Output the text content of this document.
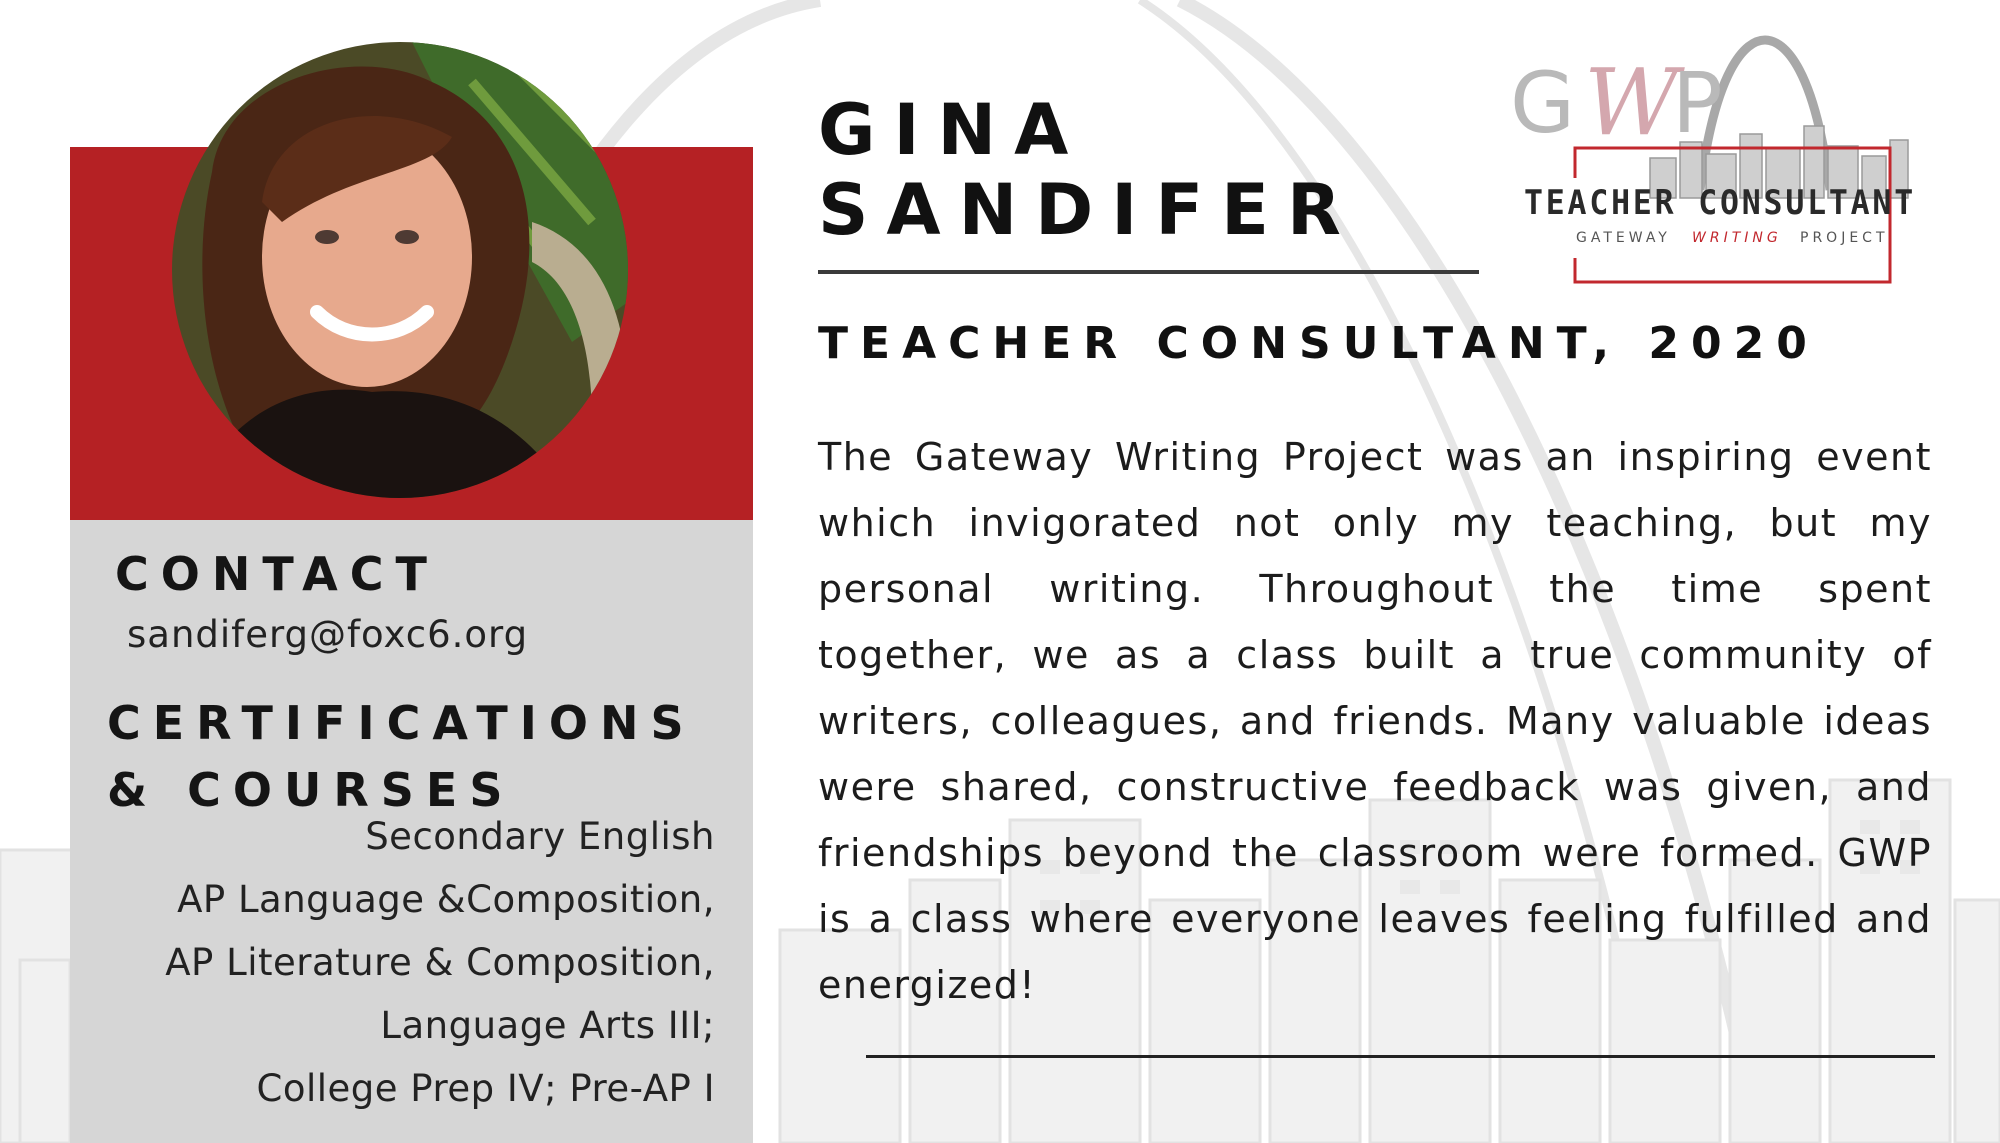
CONTACT
sandiferg@foxc6.org
CERTIFICATIONS
& COURSES
Secondary English
AP Language &Composition,
AP Literature & Composition,
Language Arts III;
College Prep IV; Pre-AP I
GINA
SANDIFER
TEACHER CONSULTANT, 2020
The Gateway Writing Project was an inspiring event which invigorated not only my teaching, but my personal writing. Throughout the time spent together, we as a class built a true community of writers, colleagues, and friends. Many valuable ideas were shared, constructive feedback was given, and friendships beyond the classroom were formed. GWP is a class where everyone leaves feeling fulfilled and energized!
G W
P
TEACHER CONSULTANT
GATEWAY WRITING PROJECT
